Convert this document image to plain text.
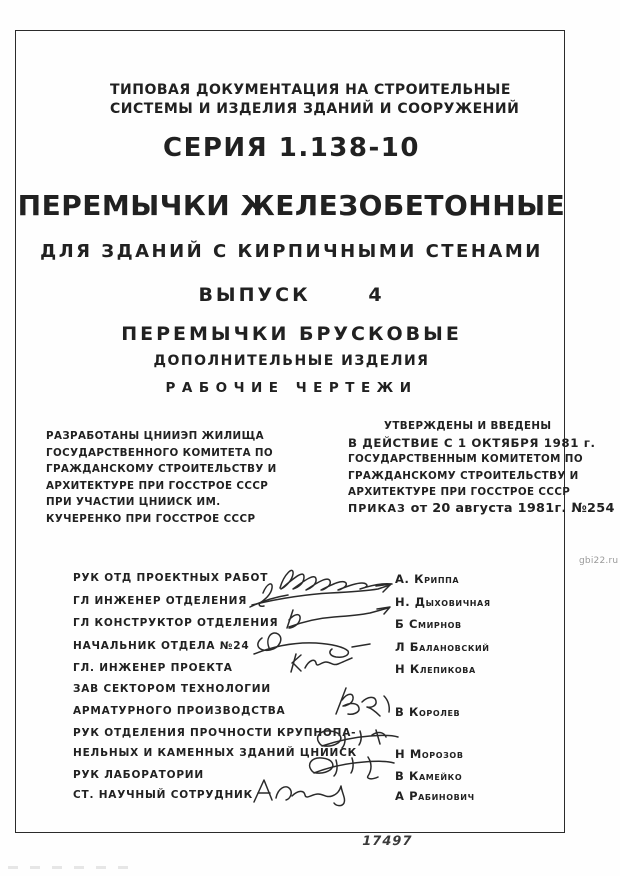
ТИПОВАЯ ДОКУМЕНТАЦИЯ НА СТРОИТЕЛЬНЫЕ
СИСТЕМЫ И ИЗДЕЛИЯ ЗДАНИЙ И СООРУЖЕНИЙ
СЕРИЯ 1.138-10
ПЕРЕМЫЧКИ ЖЕЛЕЗОБЕТОННЫЕ
ДЛЯ ЗДАНИЙ С КИРПИЧНЫМИ СТЕНАМИ
ВЫПУСК      4
ПЕРЕМЫЧКИ БРУСКОВЫЕ
ДОПОЛНИТЕЛЬНЫЕ ИЗДЕЛИЯ
РАБОЧИЕ ЧЕРТЕЖИ
РАЗРАБОТАНЫ ЦНИИЭП ЖИЛИЩА
ГОСУДАРСТВЕННОГО КОМИТЕТА ПО
ГРАЖДАНСКОМУ СТРОИТЕЛЬСТВУ И
АРХИТЕКТУРЕ ПРИ ГОССТРОЕ СССР
ПРИ УЧАСТИИ ЦНИИСК ИМ.
КУЧЕРЕНКО ПРИ ГОССТРОЕ СССР
УТВЕРЖДЕНЫ И ВВЕДЕНЫ
В ДЕЙСТВИЕ С 1 ОКТЯБРЯ 1981 г.
ГОСУДАРСТВЕННЫМ КОМИТЕТОМ ПО
ГРАЖДАНСКОМУ СТРОИТЕЛЬСТВУ И
АРХИТЕКТУРЕ ПРИ ГОССТРОЕ СССР
ПРИКАЗ от 20 августа 1981г. №254
РУК ОТД ПРОЕКТНЫХ РАБОТ	А. Криппа
ГЛ ИНЖЕНЕР ОТДЕЛЕНИЯ	Н. Дыховичная
ГЛ КОНСТРУКТОР ОТДЕЛЕНИЯ	Б Смирнов
НАЧАЛЬНИК ОТДЕЛА №24	Л Балановский
ГЛ. ИНЖЕНЕР ПРОЕКТА	Н Клепикова
ЗАВ СЕКТОРОМ ТЕХНОЛОГИИ
АРМАТУРНОГО ПРОИЗВОДСТВА	В Королев
РУК ОТДЕЛЕНИЯ ПРОЧНОСТИ КРУПНОПА-
НЕЛЬНЫХ И КАМЕННЫХ ЗДАНИЙ ЦНИИСК	Н Морозов
РУК ЛАБОРАТОРИИ	В Камейко
СТ. НАУЧНЫЙ СОТРУДНИК	А Рабинович
17497
gbi22.ru
